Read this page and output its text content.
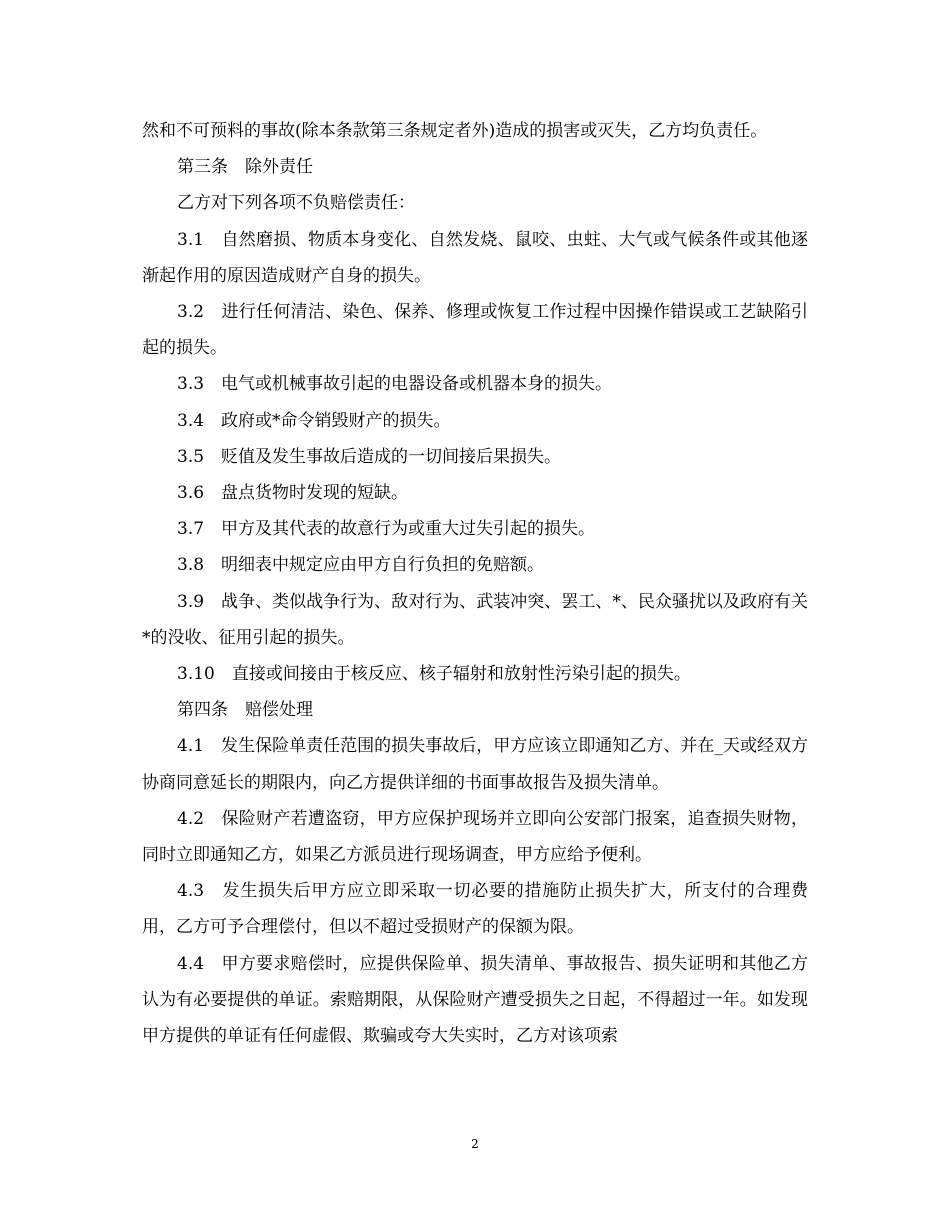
然和不可预料的事故(除本条款第三条规定者外)造成的损害或灭失，乙方均负责任。

第三条　除外责任

乙方对下列各项不负赔偿责任：

3.1　自然磨损、物质本身变化、自然发烧、鼠咬、虫蛀、大气或气候条件或其他逐渐起作用的原因造成财产自身的损失。

3.2　进行任何清洁、染色、保养、修理或恢复工作过程中因操作错误或工艺缺陷引起的损失。

3.3　电气或机械事故引起的电器设备或机器本身的损失。

3.4　政府或*命令销毁财产的损失。

3.5　贬值及发生事故后造成的一切间接后果损失。

3.6　盘点货物时发现的短缺。

3.7　甲方及其代表的故意行为或重大过失引起的损失。

3.8　明细表中规定应由甲方自行负担的免赔额。

3.9　战争、类似战争行为、敌对行为、武装冲突、罢工、*、民众骚扰以及政府有关*的没收、征用引起的损失。

3.10　直接或间接由于核反应、核子辐射和放射性污染引起的损失。

第四条　赔偿处理

4.1　发生保险单责任范围的损失事故后，甲方应该立即通知乙方、并在_天或经双方协商同意延长的期限内，向乙方提供详细的书面事故报告及损失清单。

4.2　保险财产若遭盗窃，甲方应保护现场并立即向公安部门报案，追查损失财物，同时立即通知乙方，如果乙方派员进行现场调查，甲方应给予便利。

4.3　发生损失后甲方应立即采取一切必要的措施防止损失扩大，所支付的合理费用，乙方可予合理偿付，但以不超过受损财产的保额为限。

4.4　甲方要求赔偿时，应提供保险单、损失清单、事故报告、损失证明和其他乙方认为有必要提供的单证。索赔期限，从保险财产遭受损失之日起，不得超过一年。如发现甲方提供的单证有任何虚假、欺骗或夸大失实时，乙方对该项索

2
